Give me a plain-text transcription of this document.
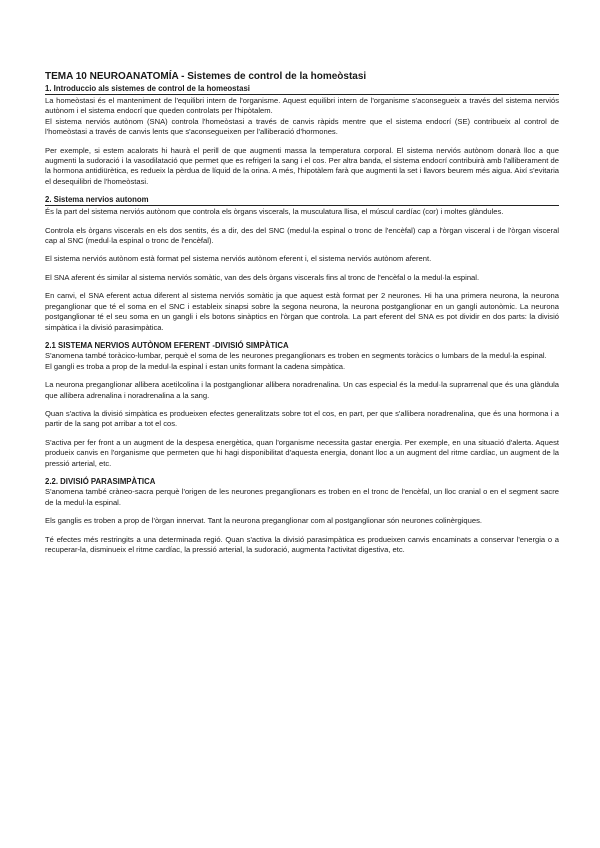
TEMA 10 NEUROANATOMÍA - Sistemes de control de la homeòstasi
1. Introduccio als sistemes de control de la homeostasi

La homeòstasi és el manteniment de l'equilibri intern de l'organisme. Aquest equilibri intern de l'organisme s'aconsegueix a través del sistema nerviós autònom i el sistema endocrí que queden controlats per l'hipòtalem.

El sistema nerviós autònom (SNA) controla l'homeòstasi a través de canvis ràpids mentre que el sistema endocrí (SE) contribueix al control de l'homeòstasi a través de canvis lents que s'aconsegueixen per l'alliberació d'hormones.

Per exemple, si estem acalorats hi haurà el perill de que augmenti massa la temperatura corporal. El sistema nerviós autònom donarà lloc a que augmenti la sudoració i la vasodilatació que permet que es refrigeri la sang i el cos. Per altra banda, el sistema endocrí contribuirà amb l'alliberament de la hormona antidiürètica, es redueix la pèrdua de líquid de la orina. A més, l'hipotàlem farà que augmenti la set i llavors beurem més aigua. Així s'evitaria el desequilibri de l'homeòstasi.

2. Sistema nervios autonom

És la part del sistema nerviós autònom que controla els òrgans viscerals, la musculatura llisa, el múscul cardíac (cor) i moltes glàndules.

Controla els òrgans viscerals en els dos sentits, és a dir, des del SNC (medul·la espinal o tronc de l'encèfal) cap a l'òrgan visceral i de l'òrgan visceral cap al SNC (medul·la espinal o tronc de l'encèfal).

El sistema nerviós autònom està format pel sistema nerviós autònom eferent i, el sistema nerviós autònom aferent.

El SNA aferent és similar al sistema nerviós somàtic, van des dels òrgans viscerals fins al tronc de l'encèfal o la medul·la espinal.

En canvi, el SNA eferent actua diferent al sistema nerviós somàtic ja que aquest està format per 2 neurones. Hi ha una primera neurona, la neurona preganglionar que té el soma en el SNC i estableix sinapsi sobre la segona neurona, la neurona postganglionar en un gangli autonòmic. La neurona postganglionar té el seu soma en un gangli i els botons sinàptics en l'òrgan que controla. La part eferent del SNA es pot dividir en dos parts: la divisió simpàtica i la divisió parasimpàtica.

2.1 SISTEMA NERVIOS AUTÒNOM EFERENT -DIVISIÓ SIMPÀTICA

S'anomena també toràcico-lumbar, perquè el soma de les neurones preganglionars es troben en segments toràcics o lumbars de la medul·la espinal.

El gangli es troba a prop de la medul·la espinal i estan units formant la cadena simpàtica.

La neurona preganglionar allibera acetilcolina i la postganglionar allibera noradrenalina. Un cas especial és la medul·la suprarrenal que és una glàndula que allibera adrenalina i noradrenalina a la sang.

Quan s'activa la divisió simpàtica es produeixen efectes generalitzats sobre tot el cos, en part, per que s'allibera noradrenalina, que és una hormona i a partir de la sang pot arribar a tot el cos.

S'activa per fer front a un augment de la despesa energètica, quan l'organisme necessita gastar energia. Per exemple, en una situació d'alerta. Aquest produeix canvis en l'organisme que permeten que hi hagi disponibilitat d'aquesta energia, donant lloc a un augment del ritme cardíac, un augment de la pressió arterial, etc.

2.2. DIVISIÓ PARASIMPÀTICA

S'anomena també cràneo-sacra perquè l'origen de les neurones preganglionars es troben en el tronc de l'encèfal, un lloc cranial o en el segment sacre de la medul·la espinal.

Els ganglis es troben a prop de l'òrgan innervat. Tant la neurona preganglionar com al postganglionar són neurones colinèrgiques.

Té efectes més restringits a una determinada regió. Quan s'activa la divisió parasimpàtica es produeixen canvis encaminats a conservar l'energia o a recuperar-la, disminueix el ritme cardíac, la pressió arterial, la sudoració, augmenta l'activitat digestiva, etc.
